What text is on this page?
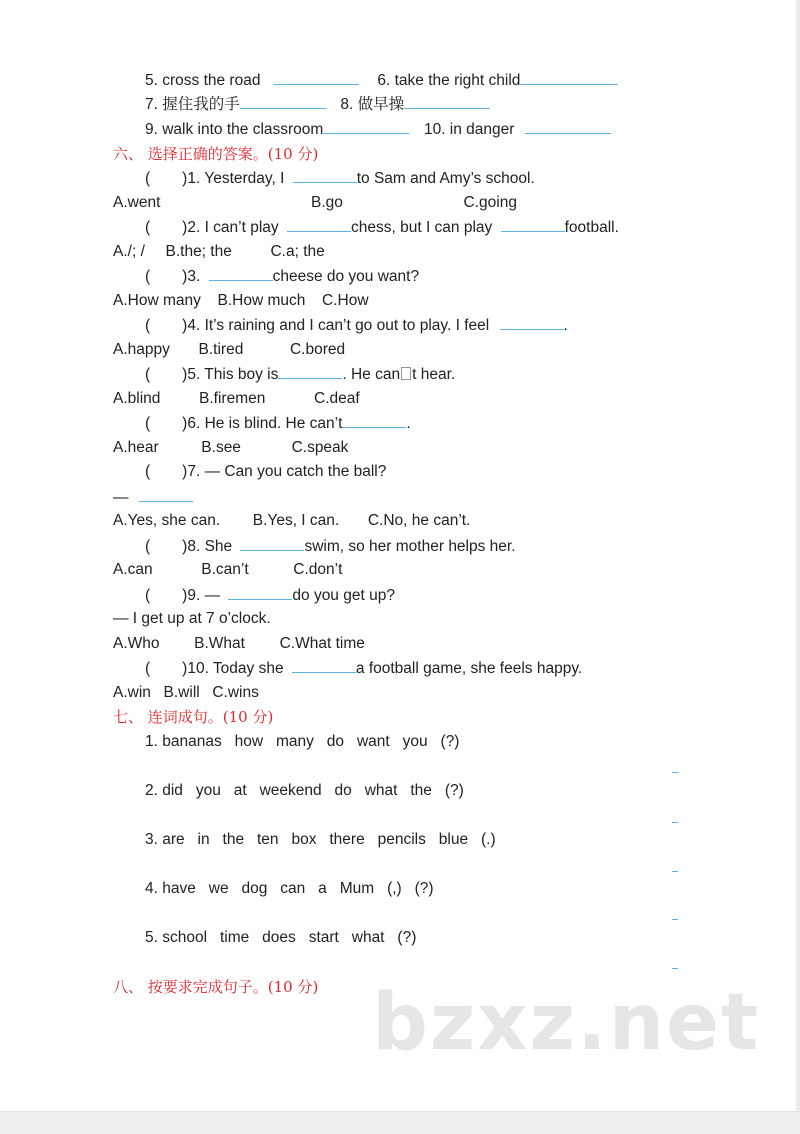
5. cross the road	6. take the right child
7. 握住我的手	8. 做早操
9. walk into the classroom	10. in danger
六、 选择正确的答案。(10 分)
( )1. Yesterday, I	to Sam and Amy’s school.
A.went	B.go	C.going
( )2. I can’t play	chess, but I can play	football.
A./; / B.the; the C.a; the
( )3.	cheese do you want?
A.How many B.How much C.How
( )4. It’s raining and I can’t go out to play. I feel	.
A.happy B.tired	C.bored
( )5. This boy is	. He can t hear.
A.blind B.firemen	C.deaf
( )6. He is blind. He can’t	.
A.hear	B.see	C.speak
( )7. — Can you catch the ball?
—
A.Yes, she can. B.Yes, I can. C.No, he can’t.
( )8. She	swim, so her mother helps her.
A.can	B.can’t	C.don’t
( )9. —	do you get up?
— I get up at 7 o’clock.
A.Who B.What C.What time
( )10. Today she	a football game, she feels happy.
A.win B.will C.wins
七、 连词成句。(10 分)
1. bananas   how   many   do   want   you   (?)
2. did   you   at   weekend   do   what   the   (?)
3. are   in   the   ten   box   there   pencils   blue   (.)
4. have   we   dog   can   a   Mum   (,)   (?)
5. school   time   does   start   what   (?)
八、 按要求完成句子。(10 分) bzxz.net
